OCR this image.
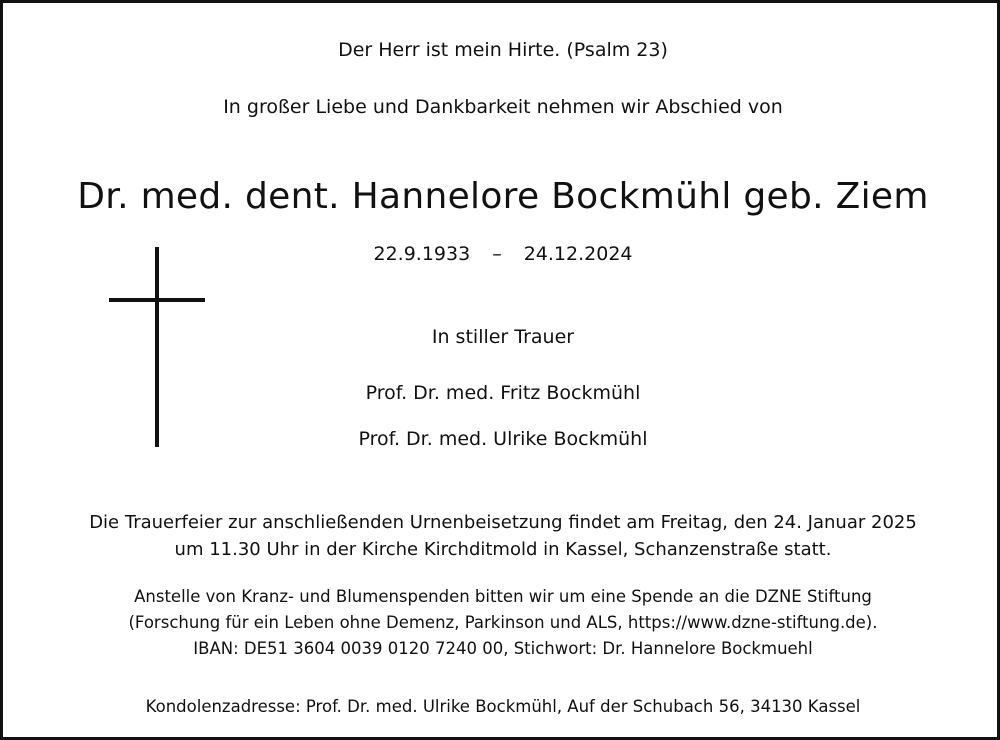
Der Herr ist mein Hirte. (Psalm 23)
In großer Liebe und Dankbarkeit nehmen wir Abschied von
Dr. med. dent. Hannelore Bockmühl geb. Ziem
22.9.1933 – 24.12.2024
In stiller Trauer
Prof. Dr. med. Fritz Bockmühl
Prof. Dr. med. Ulrike Bockmühl
Die Trauerfeier zur anschließenden Urnenbeisetzung findet am Freitag, den 24. Januar 2025
um 11.30 Uhr in der Kirche Kirchditmold in Kassel, Schanzenstraße statt.
Anstelle von Kranz- und Blumenspenden bitten wir um eine Spende an die DZNE Stiftung
(Forschung für ein Leben ohne Demenz, Parkinson und ALS, https://www.dzne-stiftung.de).
IBAN: DE51 3604 0039 0120 7240 00, Stichwort: Dr. Hannelore Bockmuehl
Kondolenzadresse: Prof. Dr. med. Ulrike Bockmühl, Auf der Schubach 56, 34130 Kassel
